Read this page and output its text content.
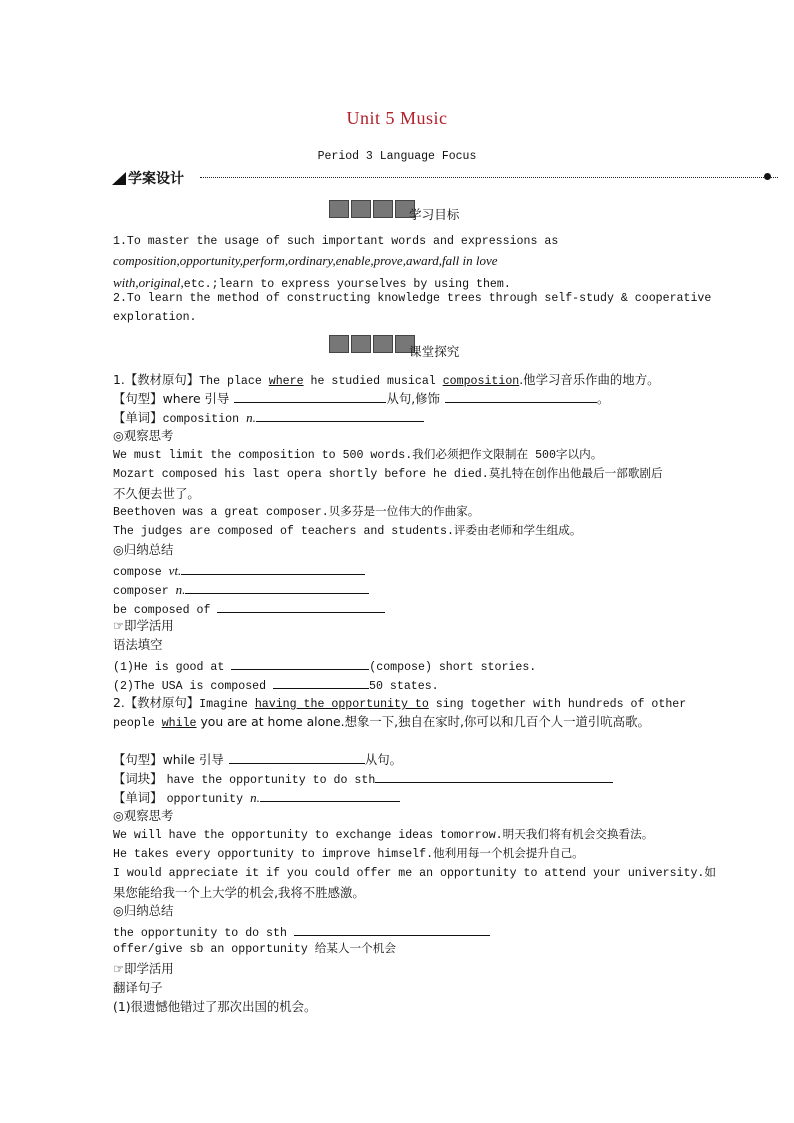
Unit 5 Music
Period 3 Language Focus
学案设计
学习目标
1.To master the usage of such important words and expressions as
composition,opportunity,perform,ordinary,enable,prove,award,fall in love
with,original,etc.;learn to express yourselves by using them.
2.To learn the method of constructing knowledge trees through self-study & cooperative
exploration.
课堂探究
1.【教材原句】The place where he studied musical composition.他学习音乐作曲的地方。
【句型】where 引导	从句,修饰	。
【单词】composition n.
◎观察思考
We must limit the composition to 500 words.我们必须把作文限制在 500字以内。
Mozart composed his last opera shortly before he died.莫扎特在创作出他最后一部歌剧后
不久便去世了。
Beethoven was a great composer.贝多芬是一位伟大的作曲家。
The judges are composed of teachers and students.评委由老师和学生组成。
◎归纳总结
compose vt.
composer n.
be composed of
☞即学活用
语法填空
(1)He is good at	(compose) short stories.
(2)The USA is composed	50 states.
2.【教材原句】Imagine having the opportunity to sing together with hundreds of other
people while you are at home alone.想象一下,独自在家时,你可以和几百个人一道引吭高歌。
【句型】while 引导	从句。
【词块】 have the opportunity to do sth
【单词】 opportunity n.
◎观察思考
We will have the opportunity to exchange ideas tomorrow.明天我们将有机会交换看法。
He takes every opportunity to improve himself.他利用每一个机会提升自己。
I would appreciate it if you could offer me an opportunity to attend your university.如
果您能给我一个上大学的机会,我将不胜感激。
◎归纳总结
the opportunity to do sth
offer/give sb an opportunity 给某人一个机会
☞即学活用
翻译句子
(1)很遗憾他错过了那次出国的机会。
